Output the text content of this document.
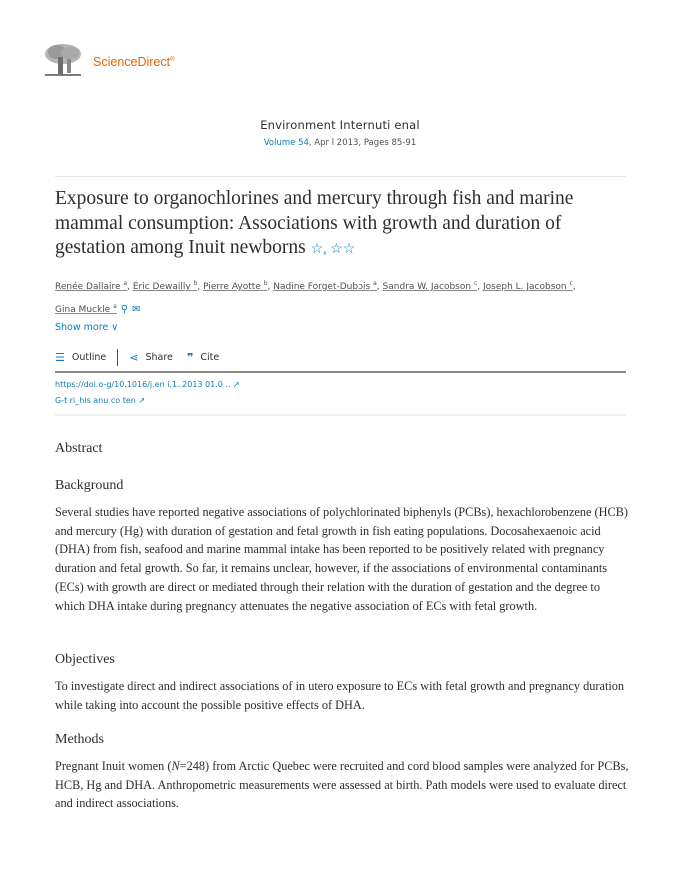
ScienceDirect®
Environment Internuti enal
Volume 54, Apr l 2013, Pages 85-91
Exposure to organochlorines and mercury through fish and marine mammal consumption: Associations with growth and duration of gestation among Inuit newborns ☆, ☆☆
Renée Dallaire $^a$, Éric Dewailly $^b$, Pierre Ayotte $^b$, Nadine Forget-Dubɔis $^a$, Sandra W. Jacobson $^c$, Joseph L. Jacobson $^c$,
Gina Muckle $^a$ ⚲ ✉
Show more ∨
☰ Outline ⋖ Share ❞ Cite
https://doi.o-g/10.1016/j.en i.1..2013 01.0 .. ↗
G-t ri_his anu co ten ↗
Abstract
Background
Several studies have reported negative associations of polychlorinated biphenyls (PCBs), hexachlorobenzene (HCB) and mercury (Hg) with duration of gestation and fetal growth in fish eating populations. Docosahexaenoic acid (DHA) from fish, seafood and marine mammal intake has been reported to be positively related with pregnancy duration and fetal growth. So far, it remains unclear, however, if the associations of environmental contaminants (ECs) with growth are direct or mediated through their relation with the duration of gestation and the degree to which DHA intake during pregnancy attenuates the negative association of ECs with fetal growth.
Objectives
To investigate direct and indirect associations of in utero exposure to ECs with fetal growth and pregnancy duration while taking into account the possible positive effects of DHA.
Methods
Pregnant Inuit women (N=248) from Arctic Quebec were recruited and cord blood samples were analyzed for PCBs, HCB, Hg and DHA. Anthropometric measurements were assessed at birth. Path models were used to evaluate direct and indirect associations.
